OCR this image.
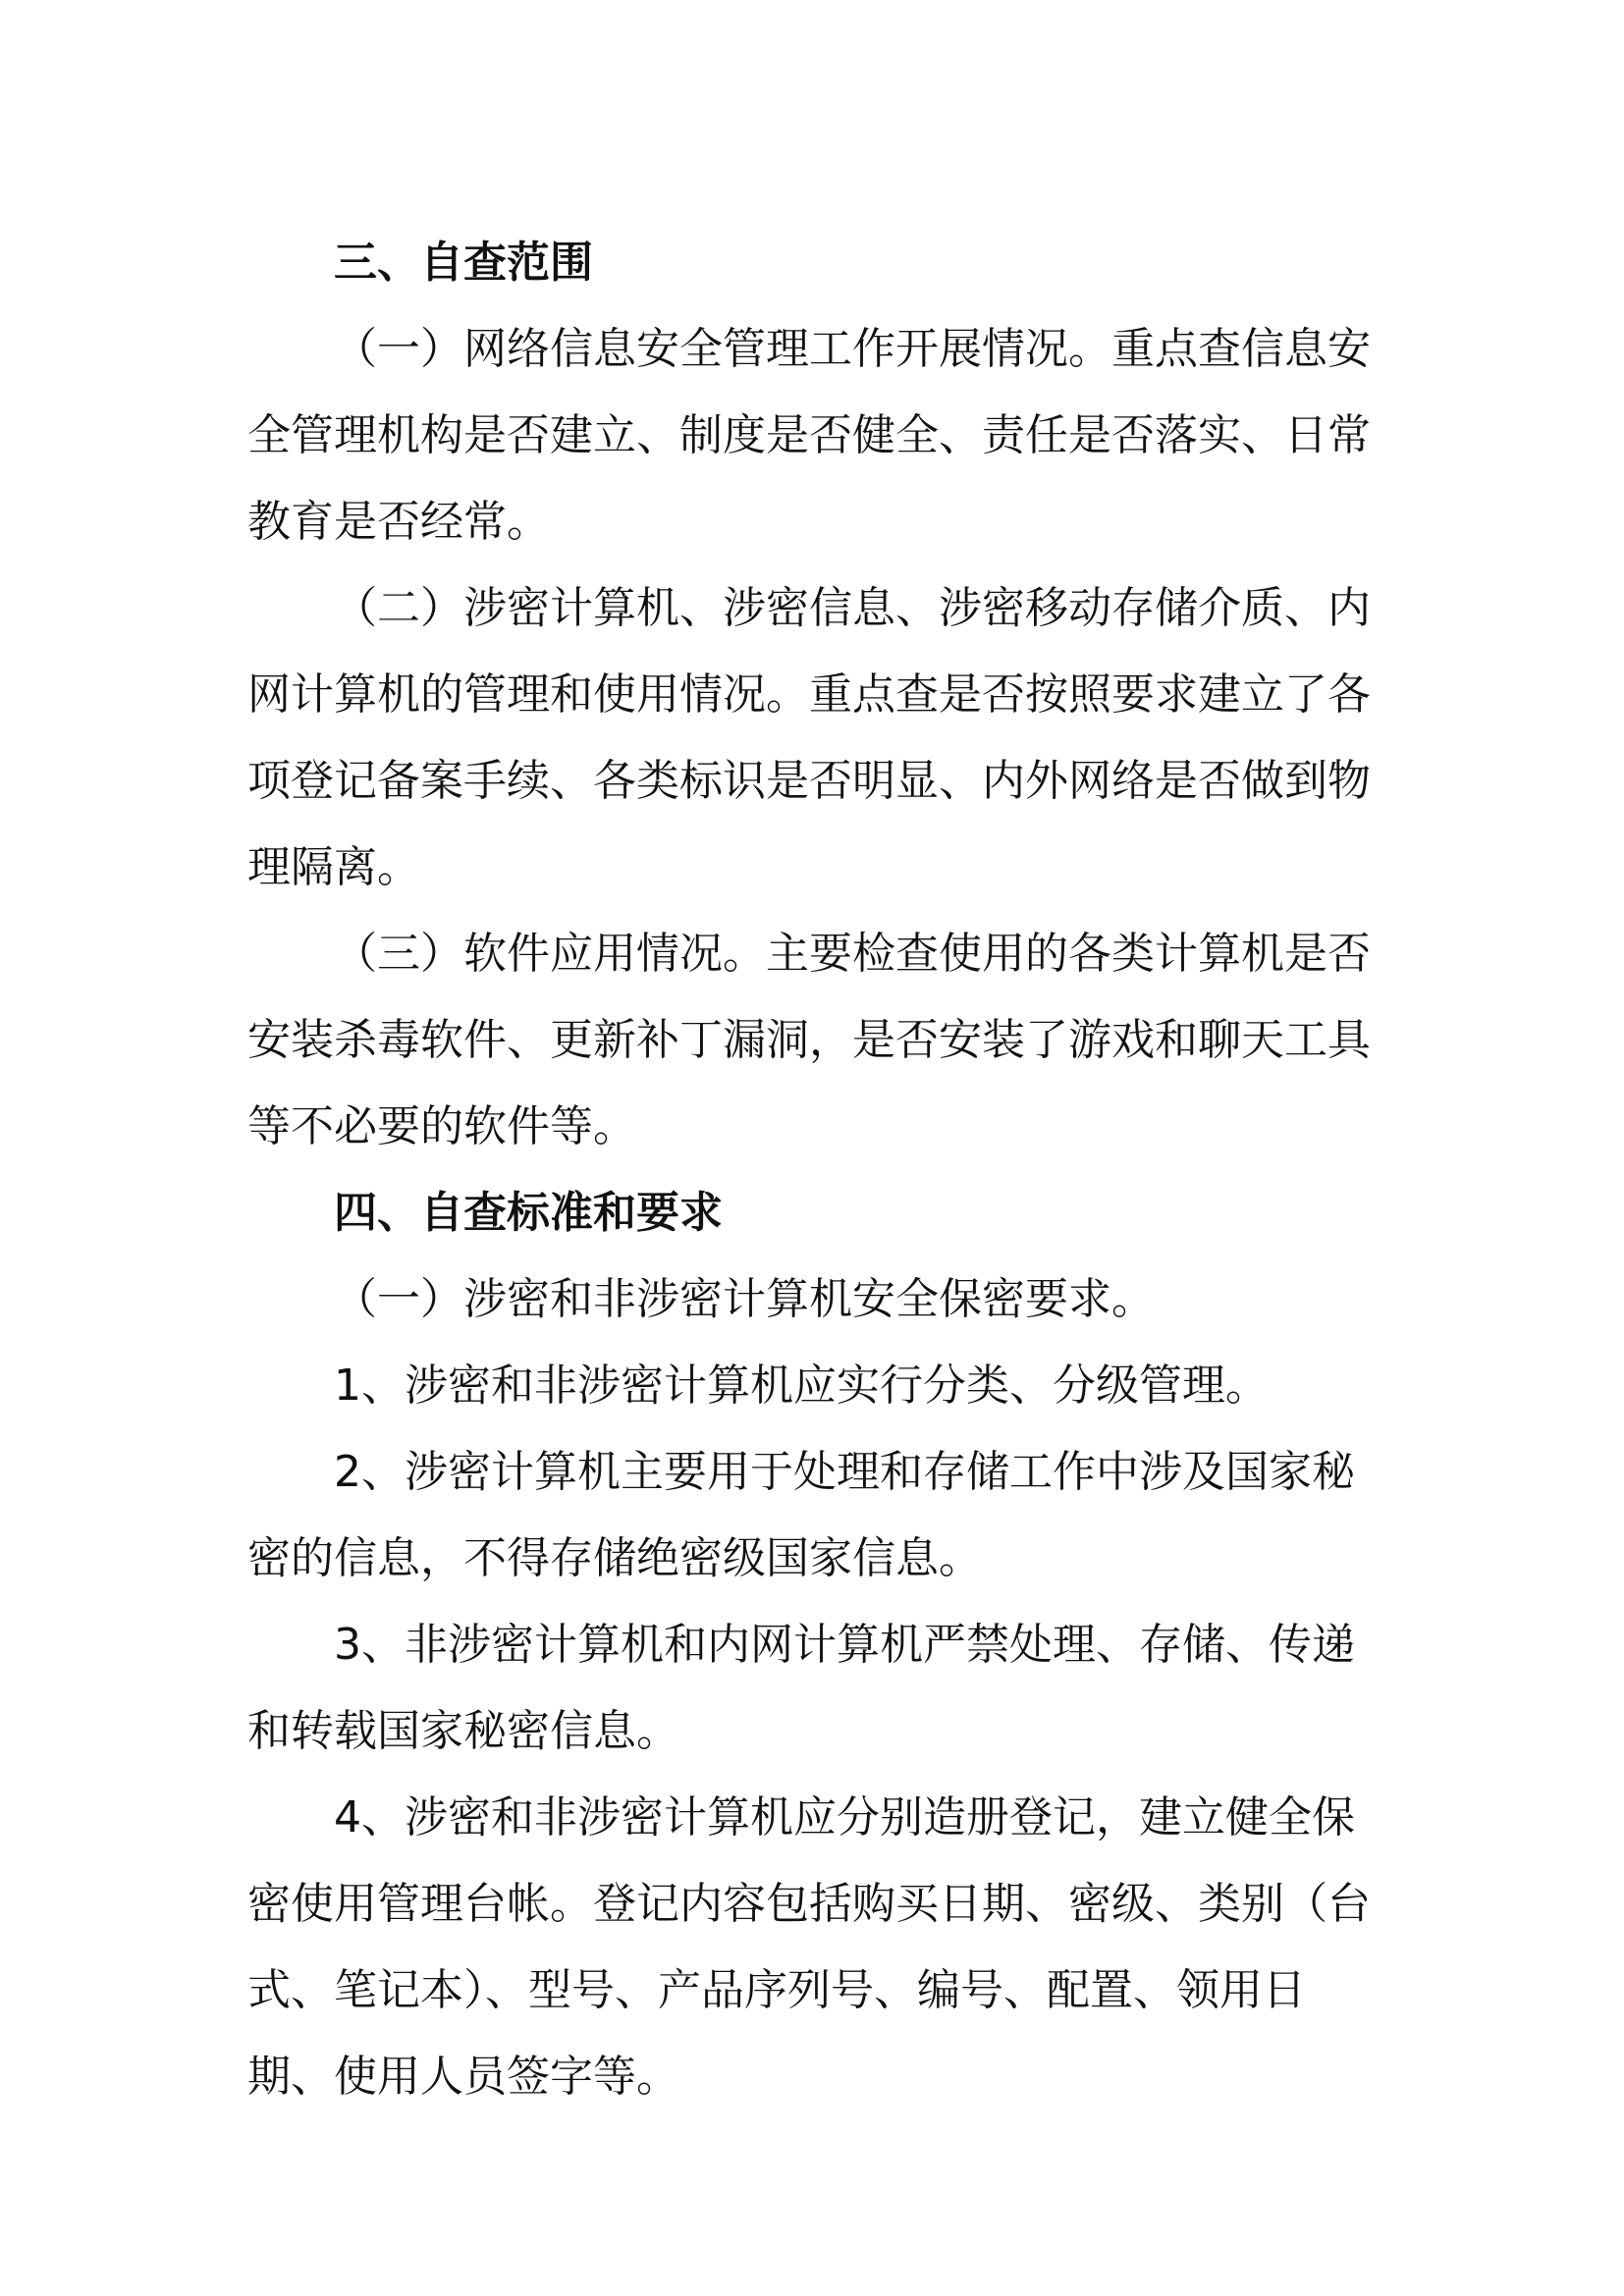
三、自查范围

（一）网络信息安全管理工作开展情况。重点查信息安全管理机构是否建立、制度是否健全、责任是否落实、日常教育是否经常。

（二）涉密计算机、涉密信息、涉密移动存储介质、内网计算机的管理和使用情况。重点查是否按照要求建立了各项登记备案手续、各类标识是否明显、内外网络是否做到物理隔离。

（三）软件应用情况。主要检查使用的各类计算机是否安装杀毒软件、更新补丁漏洞，是否安装了游戏和聊天工具等不必要的软件等。

四、自查标准和要求

（一）涉密和非涉密计算机安全保密要求。

1、涉密和非涉密计算机应实行分类、分级管理。

2、涉密计算机主要用于处理和存储工作中涉及国家秘密的信息，不得存储绝密级国家信息。

3、非涉密计算机和内网计算机严禁处理、存储、传递和转载国家秘密信息。

4、涉密和非涉密计算机应分别造册登记，建立健全保密使用管理台帐。登记内容包括购买日期、密级、类别（台式、笔记本）、型号、产品序列号、编号、配置、领用日期、使用人员签字等。
